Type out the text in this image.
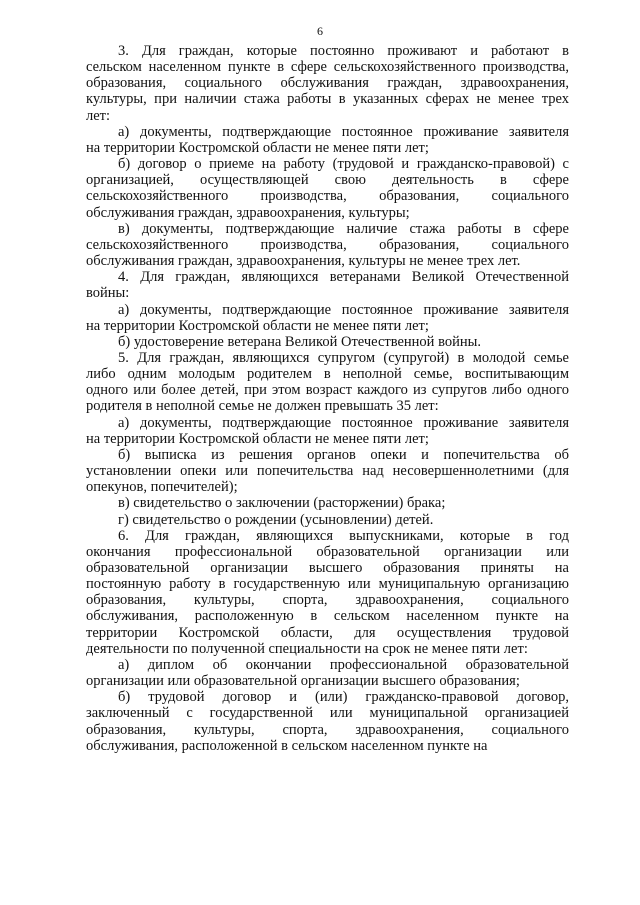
6

3. Для граждан, которые постоянно проживают и работают в
сельском населенном пункте в сфере сельскохозяйственного производства,
образования, социального обслуживания граждан, здравоохранения,
культуры, при наличии стажа работы в указанных сферах не менее трех
лет:

а) документы, подтверждающие постоянное проживание заявителя
на территории Костромской области не менее пяти лет;

б) договор о приеме на работу (трудовой и гражданско-правовой) с
организацией, осуществляющей свою деятельность в сфере
сельскохозяйственного производства, образования, социального
обслуживания граждан, здравоохранения, культуры;

в) документы, подтверждающие наличие стажа работы в сфере
сельскохозяйственного производства, образования, социального
обслуживания граждан, здравоохранения, культуры не менее трех лет.

4. Для граждан, являющихся ветеранами Великой Отечественной
войны:

а) документы, подтверждающие постоянное проживание заявителя
на территории Костромской области не менее пяти лет;

б) удостоверение ветерана Великой Отечественной войны.

5. Для граждан, являющихся супругом (супругой) в молодой семье
либо одним молодым родителем в неполной семье, воспитывающим
одного или более детей, при этом возраст каждого из супругов либо одного
родителя в неполной семье не должен превышать 35 лет:

а) документы, подтверждающие постоянное проживание заявителя
на территории Костромской области не менее пяти лет;

б) выписка из решения органов опеки и попечительства об
установлении опеки или попечительства над несовершеннолетними (для
опекунов, попечителей);

в) свидетельство о заключении (расторжении) брака;

г) свидетельство о рождении (усыновлении) детей.

6. Для граждан, являющихся выпускниками, которые в год
окончания профессиональной образовательной организации или
образовательной организации высшего образования приняты на
постоянную работу в государственную или муниципальную организацию
образования, культуры, спорта, здравоохранения, социального
обслуживания, расположенную в сельском населенном пункте на
территории Костромской области, для осуществления трудовой
деятельности по полученной специальности на срок не менее пяти лет:

а) диплом об окончании профессиональной образовательной
организации или образовательной организации высшего образования;

б) трудовой договор и (или) гражданско-правовой договор,
заключенный с государственной или муниципальной организацией
образования, культуры, спорта, здравоохранения, социального
обслуживания, расположенной в сельском населенном пункте на
